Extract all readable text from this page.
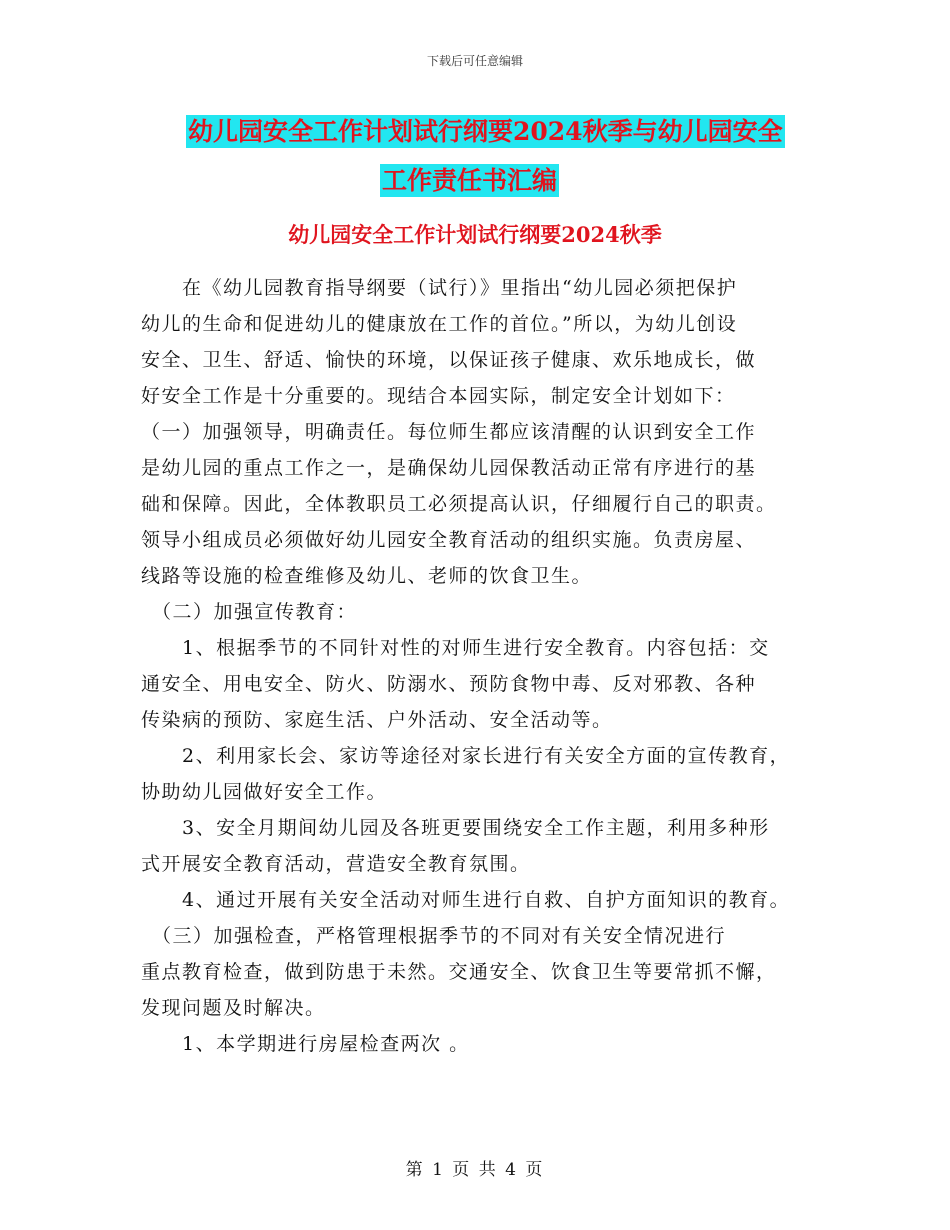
下载后可任意编辑
幼儿园安全工作计划试行纲要2024秋季与幼儿园安全
工作责任书汇编
幼儿园安全工作计划试行纲要2024秋季
　　在《幼儿园教育指导纲要（试行）》里指出“幼儿园必须把保护
幼儿的生命和促进幼儿的健康放在工作的首位。”所以，为幼儿创设
安全、卫生、舒适、愉快的环境，以保证孩子健康、欢乐地成长，做
好安全工作是十分重要的。现结合本园实际，制定安全计划如下：
（一）加强领导，明确责任。每位师生都应该清醒的认识到安全工作
是幼儿园的重点工作之一，是确保幼儿园保教活动正常有序进行的基
础和保障。因此，全体教职员工必须提高认识，仔细履行自己的职责。
领导小组成员必须做好幼儿园安全教育活动的组织实施。负责房屋、
线路等设施的检查维修及幼儿、老师的饮食卫生。
　（二）加强宣传教育：
　　1、根据季节的不同针对性的对师生进行安全教育。内容包括：交
通安全、用电安全、防火、防溺水、预防食物中毒、反对邪教、各种
传染病的预防、家庭生活、户外活动、安全活动等。
　　2、利用家长会、家访等途径对家长进行有关安全方面的宣传教育，
协助幼儿园做好安全工作。
　　3、安全月期间幼儿园及各班更要围绕安全工作主题，利用多种形
式开展安全教育活动，营造安全教育氛围。
　　4、通过开展有关安全活动对师生进行自救、自护方面知识的教育。
　（三）加强检查，严格管理根据季节的不同对有关安全情况进行
重点教育检查，做到防患于未然。交通安全、饮食卫生等要常抓不懈，
发现问题及时解决。
　　1、本学期进行房屋检查两次 。
第 1 页 共 4 页
